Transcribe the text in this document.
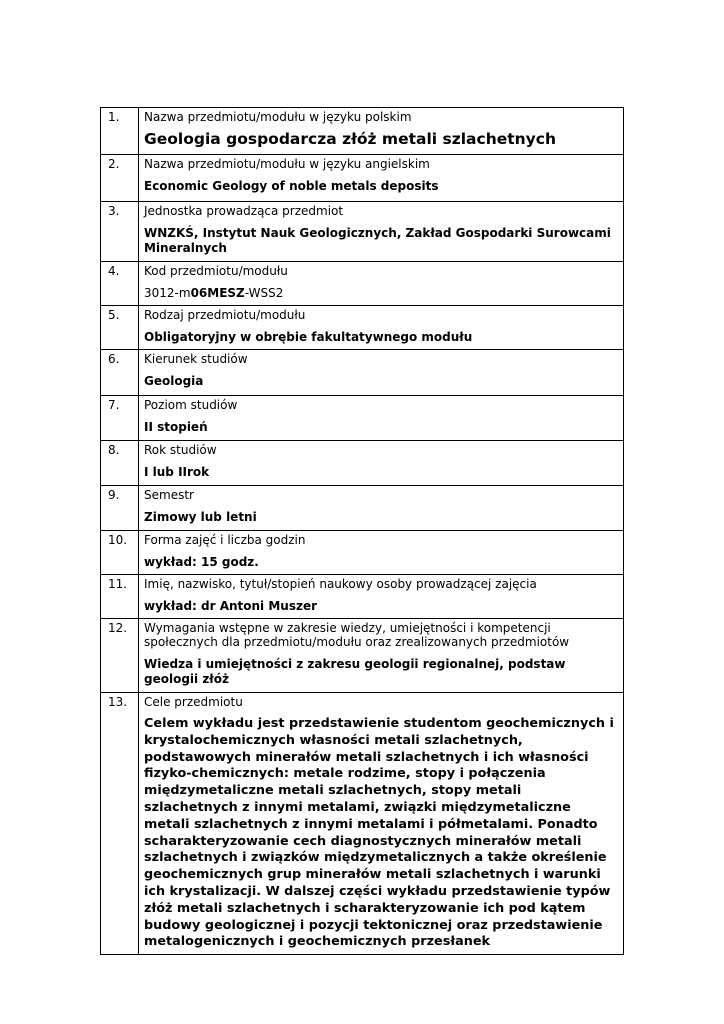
1.	Nazwa przedmiotu/modułu w języku polskim
Geologia gospodarcza złóż metali szlachetnych

2.	Nazwa przedmiotu/modułu w języku angielskim
Economic Geology of noble metals deposits

3.	Jednostka prowadząca przedmiot
WNZKŚ, Instytut Nauk Geologicznych, Zakład Gospodarki Surowcami Mineralnych

4.	Kod przedmiotu/modułu
3012-m06MESZ-WSS2

5.	Rodzaj przedmiotu/modułu
Obligatoryjny w obrębie fakultatywnego modułu

6.	Kierunek studiów
Geologia

7.	Poziom studiów
II stopień

8.	Rok studiów
I lub IIrok

9.	Semestr
Zimowy lub letni

10.	Forma zajęć i liczba godzin
wykład: 15 godz.

11.	Imię, nazwisko, tytuł/stopień naukowy osoby prowadzącej zajęcia
wykład: dr Antoni Muszer

12.	Wymagania wstępne w zakresie wiedzy, umiejętności i kompetencji społecznych dla przedmiotu/modułu oraz zrealizowanych przedmiotów
Wiedza i umiejętności z zakresu geologii regionalnej, podstaw geologii złóż

13.	Cele przedmiotu
Celem wykładu jest przedstawienie studentom geochemicznych i krystalochemicznych własności metali szlachetnych, podstawowych minerałów metali szlachetnych i ich własności fizyko-chemicznych: metale rodzime, stopy i połączenia międzymetaliczne metali szlachetnych, stopy metali szlachetnych z innymi metalami, związki międzymetaliczne metali szlachetnych z innymi metalami i półmetalami. Ponadto scharakteryzowanie cech diagnostycznych minerałów metali szlachetnych i związków międzymetalicznych a także określenie geochemicznych grup minerałów metali szlachetnych i warunki ich krystalizacji. W dalszej części wykładu przedstawienie typów złóż metali szlachetnych i scharakteryzowanie ich pod kątem budowy geologicznej i pozycji tektonicznej oraz przedstawienie metalogenicznych i geochemicznych przesłanek
